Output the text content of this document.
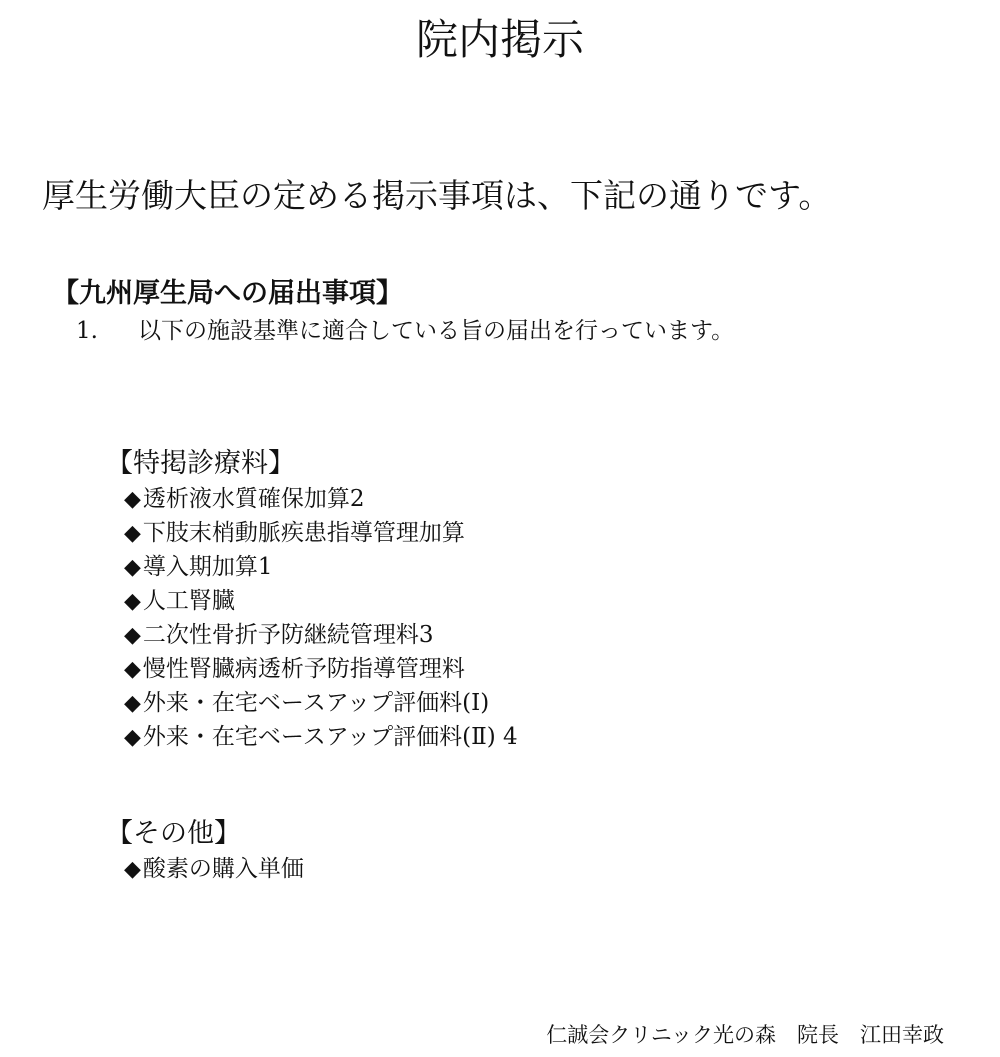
院内掲示

厚生労働大臣の定める掲示事項は、下記の通りです。

【九州厚生局への届出事項】
1. 以下の施設基準に適合している旨の届出を行っています。
【特掲診療料】
◆透析液水質確保加算2
◆下肢末梢動脈疾患指導管理加算
◆導入期加算1
◆人工腎臓
◆二次性骨折予防継続管理料3
◆慢性腎臓病透析予防指導管理料
◆外来・在宅ベースアップ評価料(Ⅰ)
◆外来・在宅ベースアップ評価料(Ⅱ) 4
【その他】
◆酸素の購入単価
仁誠会クリニック光の森　院長　江田幸政
